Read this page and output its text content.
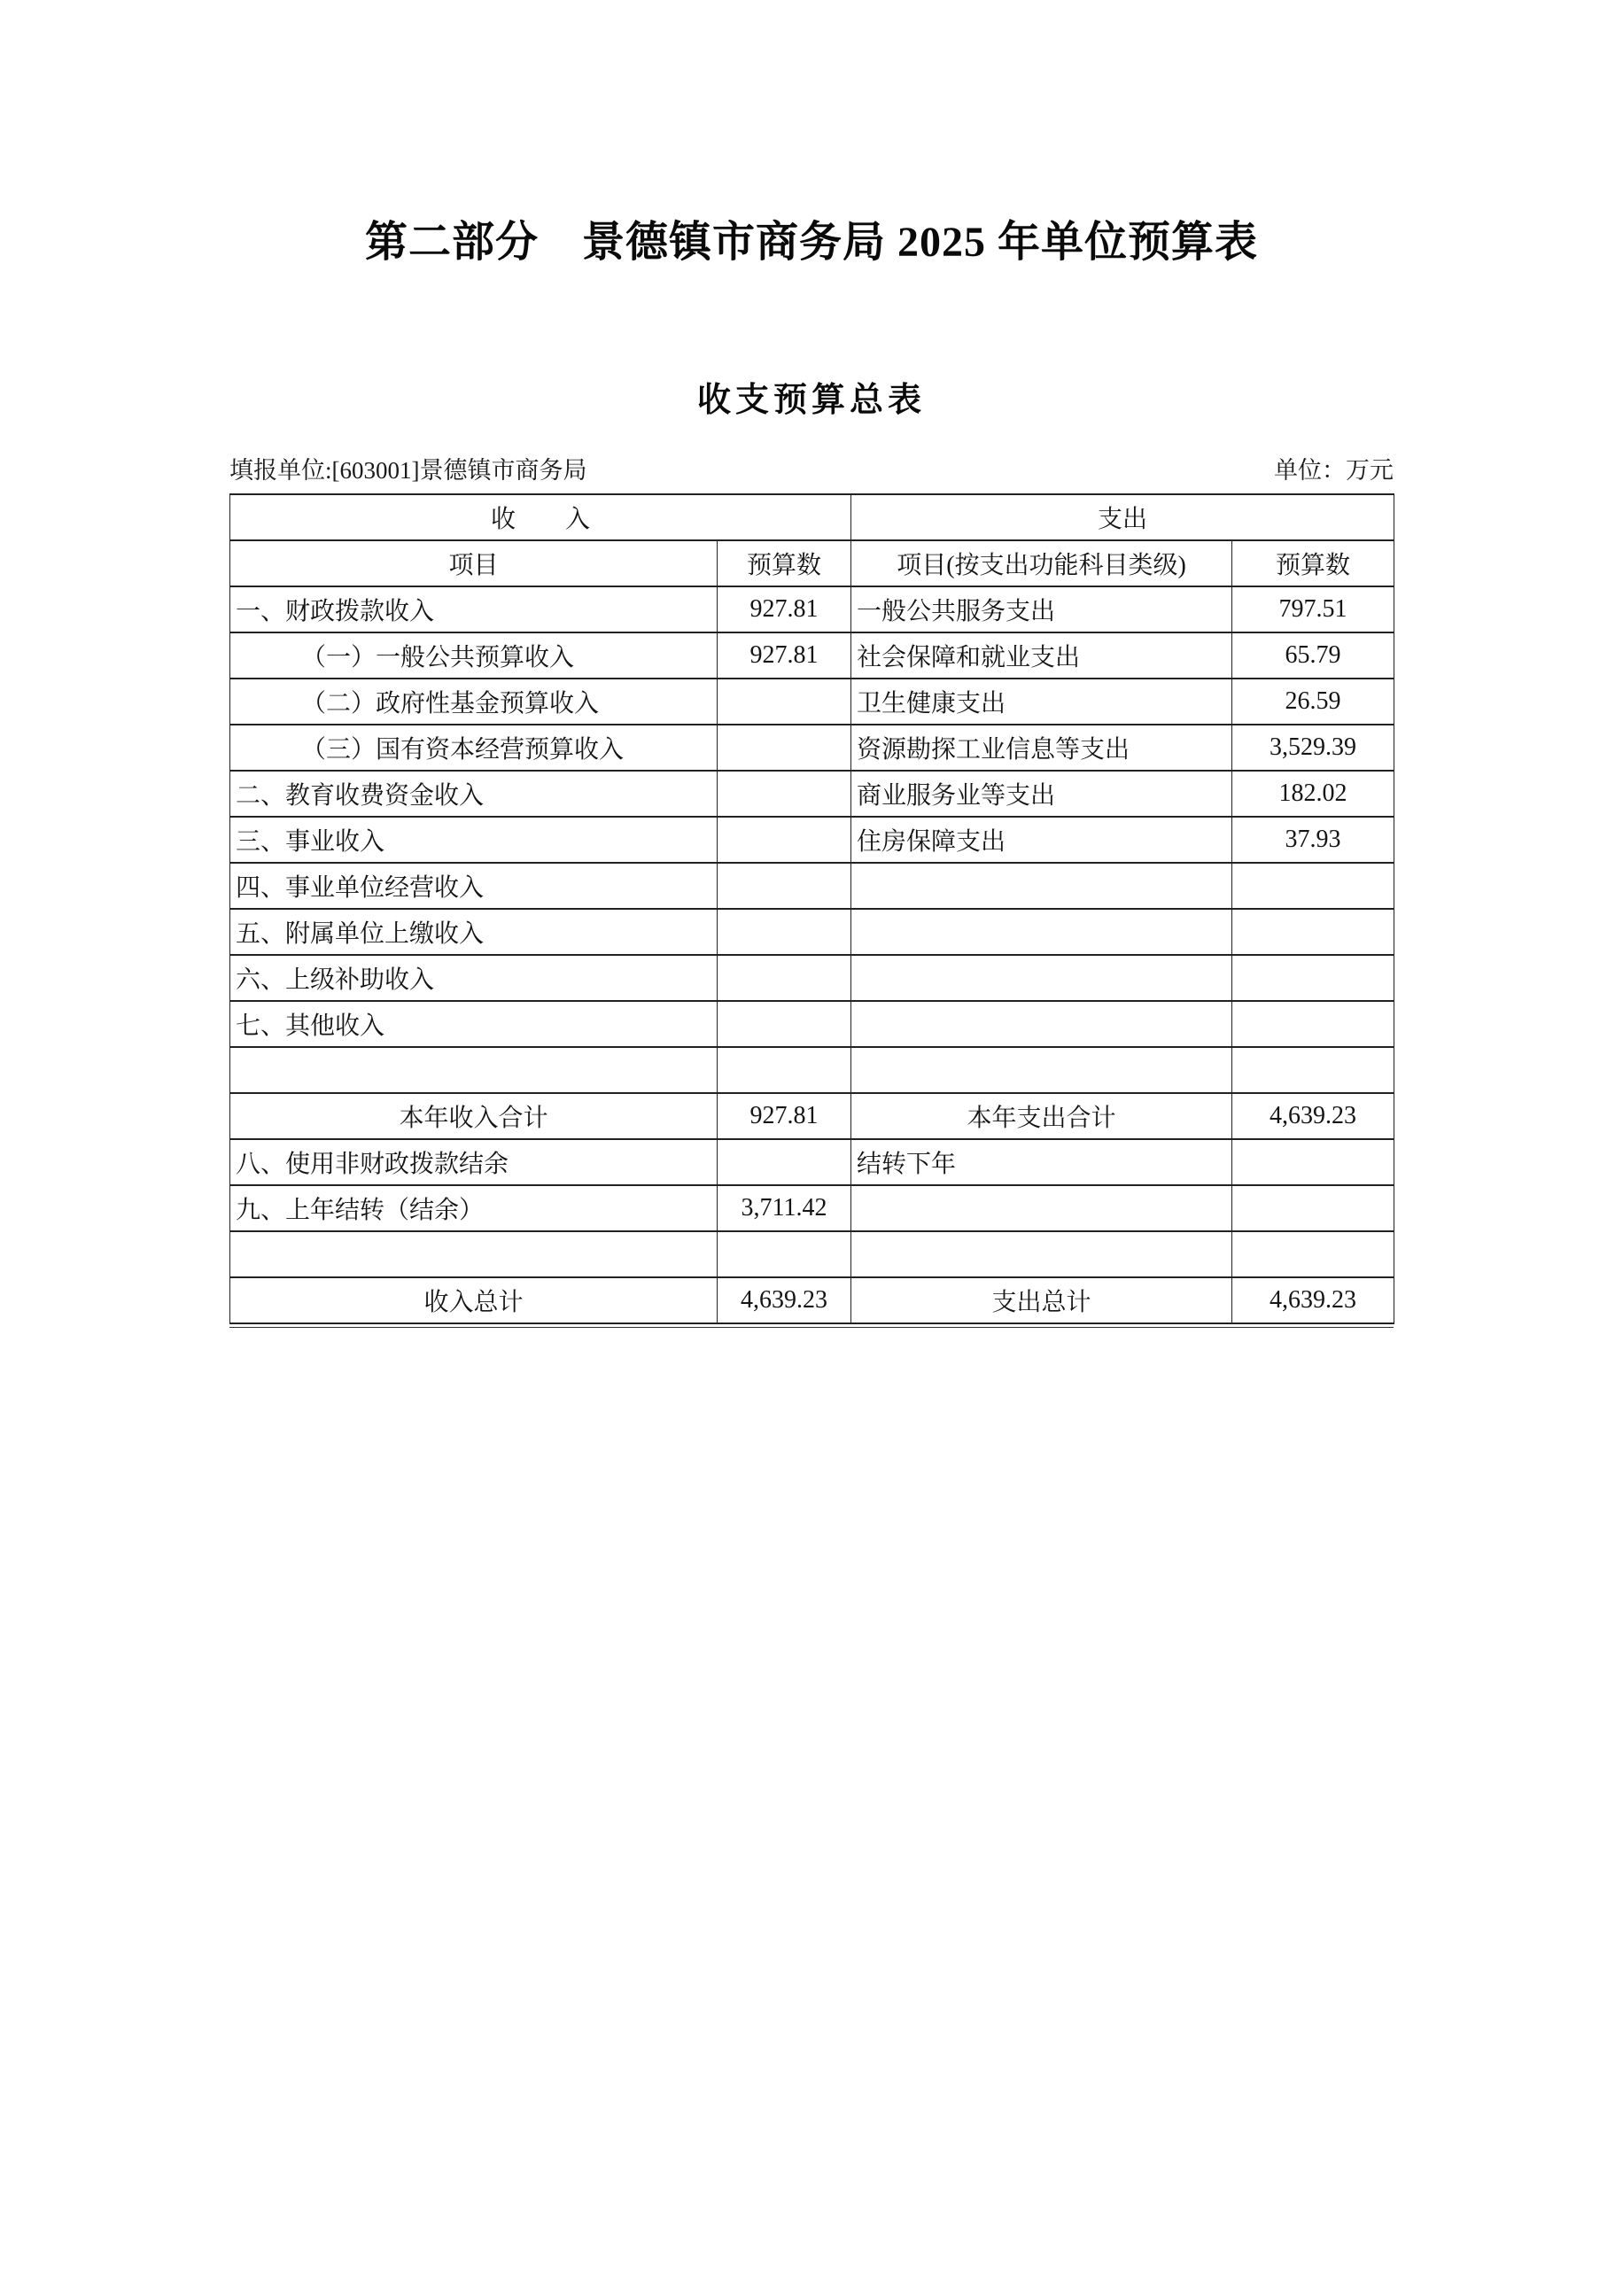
第二部分　景德镇市商务局 2025 年单位预算表
收支预算总表
填报单位:[603001]景德镇市商务局	单位：万元
收　　入		支出	
项目	预算数	项目(按支出功能科目类级)	预算数
一、财政拨款收入	927.81	一般公共服务支出	797.51
（一）一般公共预算收入	927.81	社会保障和就业支出	65.79
（二）政府性基金预算收入		卫生健康支出	26.59
（三）国有资本经营预算收入		资源勘探工业信息等支出	3,529.39
二、教育收费资金收入		商业服务业等支出	182.02
三、事业收入		住房保障支出	37.93
四、事业单位经营收入			
五、附属单位上缴收入			
六、上级补助收入			
七、其他收入			

本年收入合计	927.81	本年支出合计	4,639.23
八、使用非财政拨款结余		结转下年	
九、上年结转（结余）	3,711.42		

收入总计	4,639.23	支出总计	4,639.23
